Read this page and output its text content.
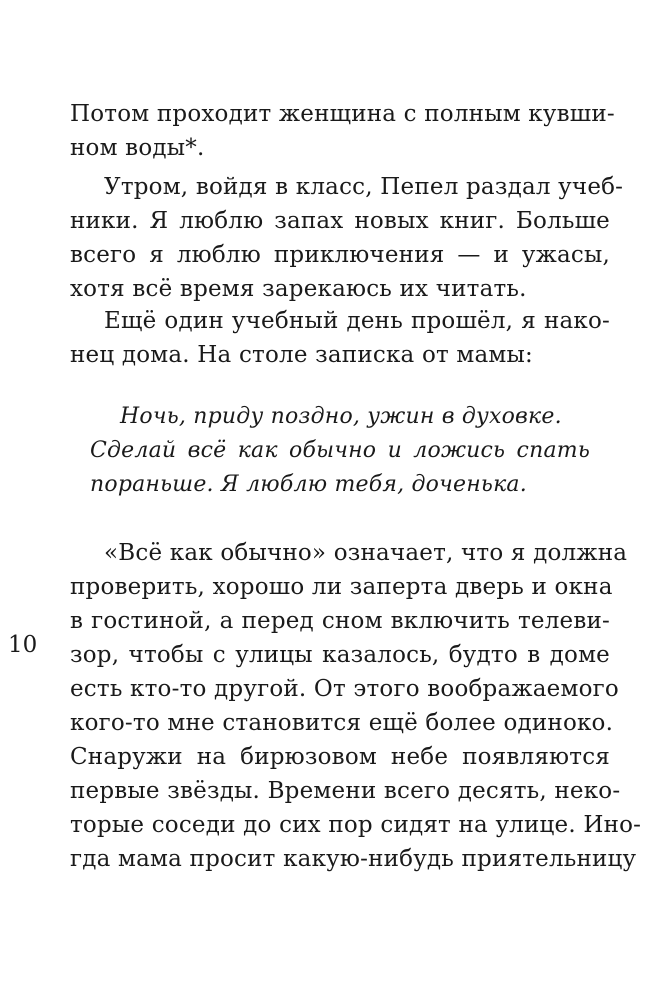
Потом проходит женщина с полным кувши-
ном воды*.
Утром, войдя в класс, Пепел раздал учеб-
ники. Я люблю запах новых книг. Больше
всего я люблю приключения — и ужасы,
хотя всё время зарекаюсь их читать.
Ещё один учебный день прошёл, я нако-
нец дома. На столе записка от мамы:
Ночь, приду поздно, ужин в духовке.
Сделай всё как обычно и ложись спать
пораньше. Я люблю тебя, доченька.
«Всё как обычно» означает, что я должна
проверить, хорошо ли заперта дверь и окна
в гостиной, а перед сном включить телеви-
зор, чтобы с улицы казалось, будто в доме
есть кто-то другой. От этого воображаемого
кого-то мне становится ещё более одиноко.
Снаружи на бирюзовом небе появляются
первые звёзды. Времени всего десять, неко-
торые соседи до сих пор сидят на улице. Ино-
гда мама просит какую-нибудь приятельницу
10
